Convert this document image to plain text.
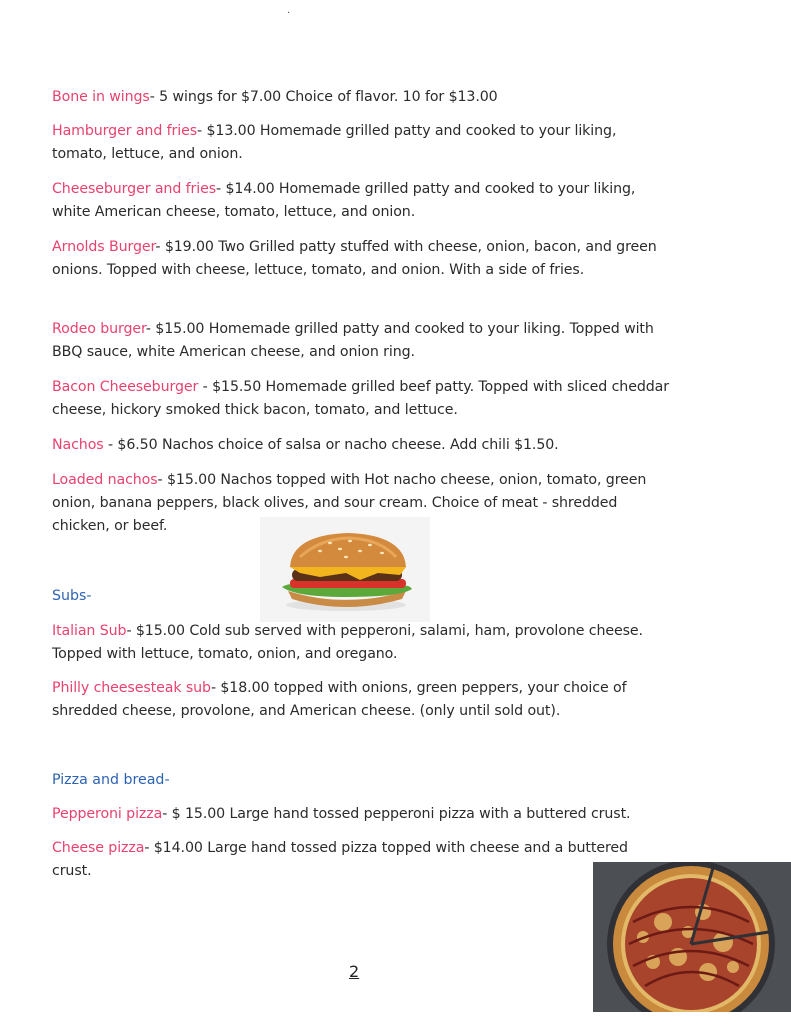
·
Bone in wings- 5 wings for $7.00 Choice of flavor. 10 for $13.00
Hamburger and fries- $13.00 Homemade grilled patty and cooked to your liking, tomato, lettuce, and onion.
Cheeseburger and fries- $14.00 Homemade grilled patty and cooked to your liking, white American cheese, tomato, lettuce, and onion.
Arnolds Burger- $19.00 Two Grilled patty stuffed with cheese, onion, bacon, and green onions. Topped with cheese, lettuce, tomato, and onion. With a side of fries.
Rodeo burger- $15.00 Homemade grilled patty and cooked to your liking. Topped with BBQ sauce, white American cheese, and onion ring.
Bacon Cheeseburger - $15.50 Homemade grilled beef patty. Topped with sliced cheddar cheese, hickory smoked thick bacon, tomato, and lettuce.
Nachos - $6.50 Nachos choice of salsa or nacho cheese. Add chili $1.50.
Loaded nachos- $15.00 Nachos topped with Hot nacho cheese, onion, tomato, green onion, banana peppers, black olives, and sour cream. Choice of meat - shredded chicken, or beef.
Subs-
Italian Sub- $15.00 Cold sub served with pepperoni, salami, ham, provolone cheese. Topped with lettuce, tomato, onion, and oregano.
Philly cheesesteak sub- $18.00 topped with onions, green peppers, your choice of shredded cheese, provolone, and American cheese. (only until sold out).
Pizza and bread-
Pepperoni pizza- $ 15.00 Large hand tossed pepperoni pizza with a buttered crust.
Cheese pizza- $14.00 Large hand tossed pizza topped with cheese and a buttered crust.
2
